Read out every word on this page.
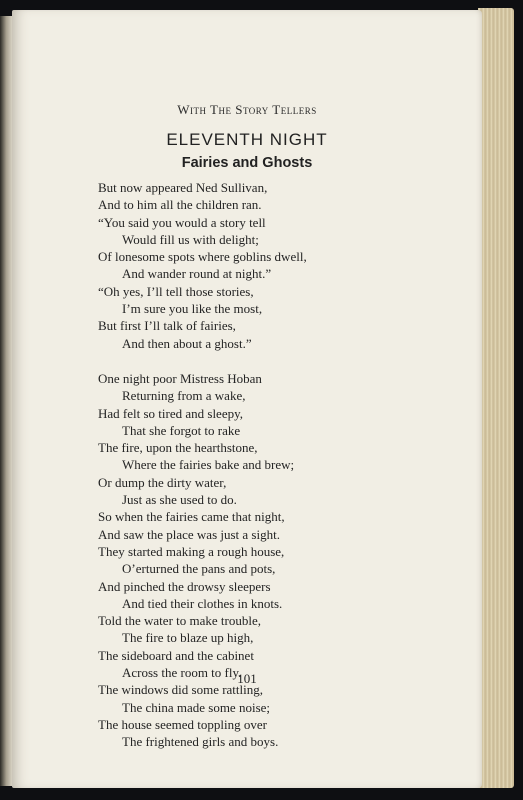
With The Story Tellers
ELEVENTH NIGHT
Fairies and Ghosts
But now appeared Ned Sullivan,
And to him all the children ran.
“You said you would a story tell
Would fill us with delight;
Of lonesome spots where goblins dwell,
And wander round at night.”
“Oh yes, I’ll tell those stories,
I’m sure you like the most,
But first I’ll talk of fairies,
And then about a ghost.”
One night poor Mistress Hoban
Returning from a wake,
Had felt so tired and sleepy,
That she forgot to rake
The fire, upon the hearthstone,
Where the fairies bake and brew;
Or dump the dirty water,
Just as she used to do.
So when the fairies came that night,
And saw the place was just a sight.
They started making a rough house,
O’erturned the pans and pots,
And pinched the drowsy sleepers
And tied their clothes in knots.
Told the water to make trouble,
The fire to blaze up high,
The sideboard and the cabinet
Across the room to fly.
The windows did some rattling,
The china made some noise;
The house seemed toppling over
The frightened girls and boys.
101
